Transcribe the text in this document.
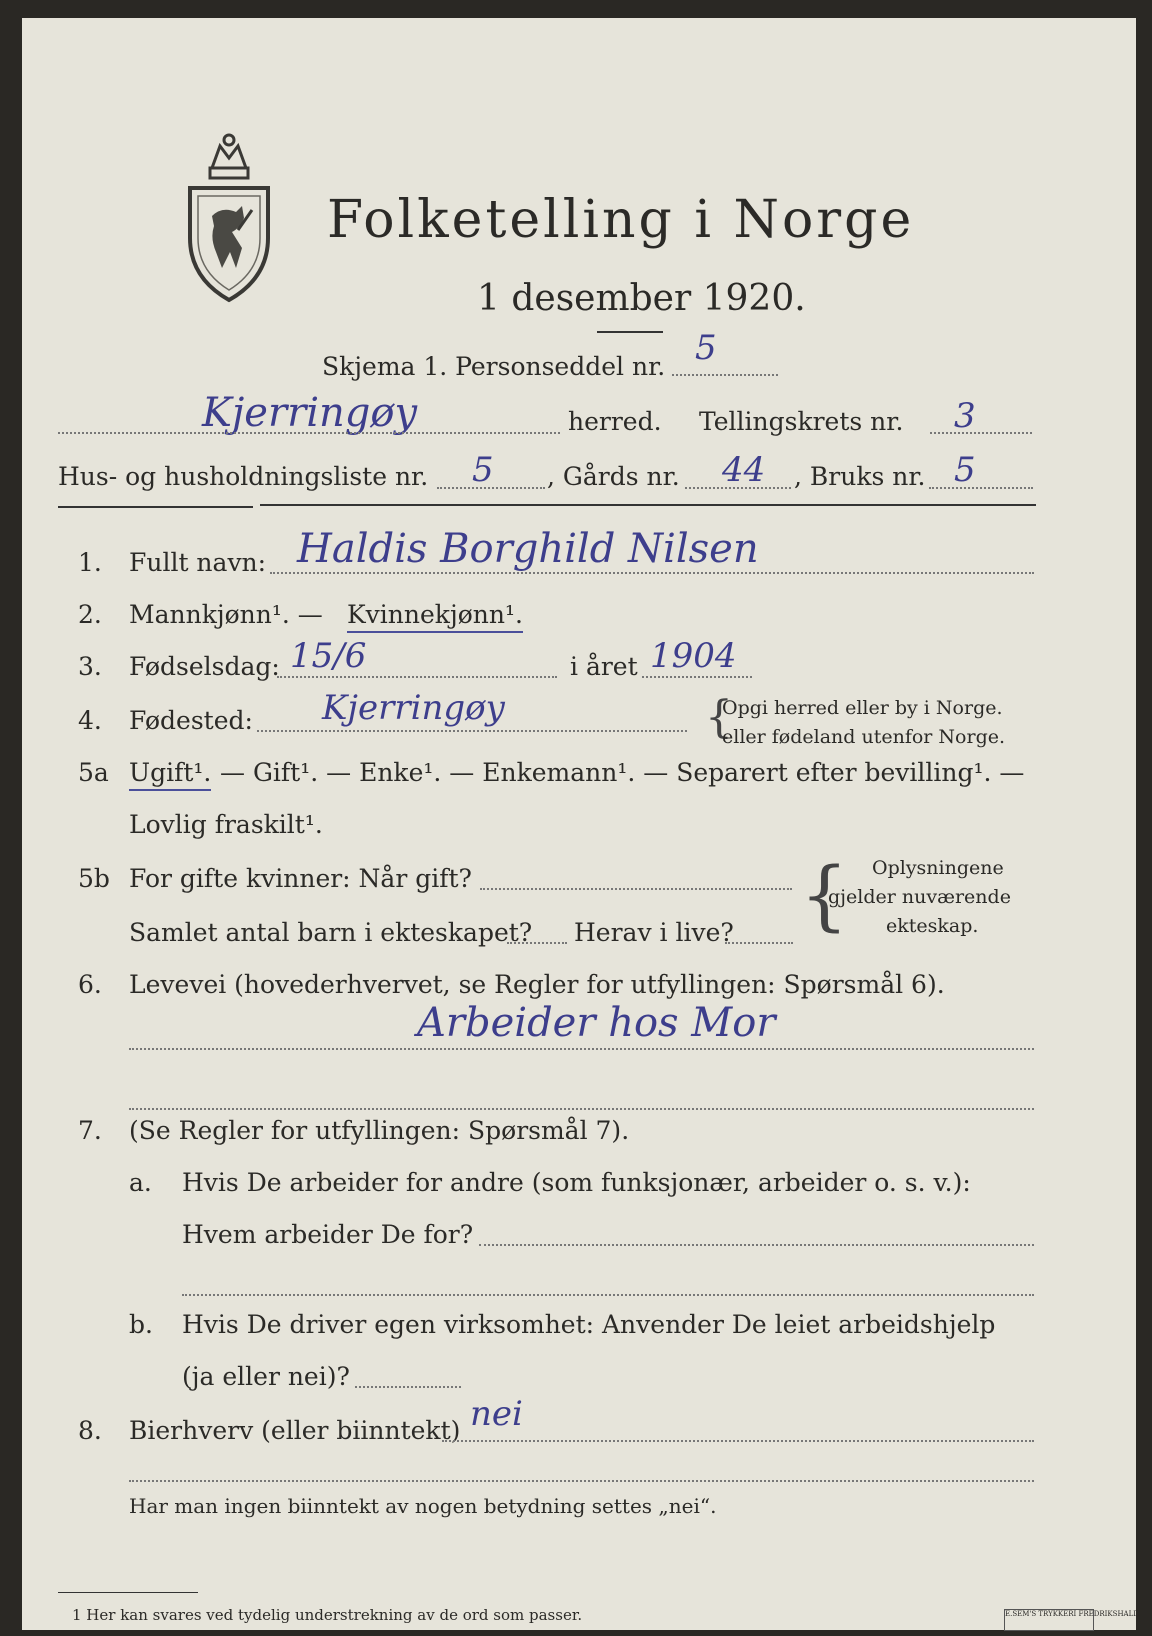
Folketelling i Norge
1 desember 1920.
Skjema 1. Personseddel nr. 5
Kjerringøy	herred. Tellingskrets nr. 3
Hus- og husholdningsliste nr. 5 , Gårds nr. 44 , Bruks nr. 5
1. Fullt navn: Haldis Borghild Nilsen
2. Mannkjønn¹. — Kvinnekjønn¹.
3. Fødselsdag: 15/6	i året 1904
4. Fødested: Kjerringøy	{
Opgi herred eller by i Norge.
eller fødeland utenfor Norge.
5a Ugift¹. — Gift¹. — Enke¹. — Enkemann¹. — Separert efter bevilling¹. —
Lovlig fraskilt¹.
5b For gifte kvinner: Når gift?
Samlet antal barn i ekteskapet? Herav i live? { Oplysningene
gjelder nuværende
ekteskap.
6. Levevei (hovederhvervet, se Regler for utfyllingen: Spørsmål 6).
Arbeider hos Mor
7. (Se Regler for utfyllingen: Spørsmål 7).
a. Hvis De arbeider for andre (som funksjonær, arbeider o. s. v.):
Hvem arbeider De for?
b. Hvis De driver egen virksomhet: Anvender De leiet arbeidshjelp
(ja eller nei)?
8. Bierhverv (eller biinntekt) nei
Har man ingen biinntekt av nogen betydning settes „nei“.
1 Her kan svares ved tydelig understrekning av de ord som passer.	E.SEM'S TRYKKERI FREDRIKSHALD
